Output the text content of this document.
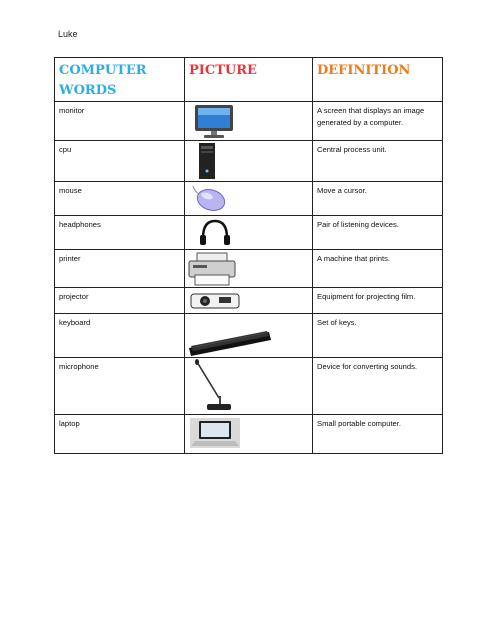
Luke
COMPUTER WORDS	PICTURE	DEFINITION

monitor		A screen that displays an image generated by a computer.

cpu		Central process unit.

mouse		Move a cursor.

headphones		Pair of listening devices.

printer		A machine that prints.

projector		Equipment for projecting film.

keyboard		Set of keys.

microphone		Device for converting sounds.

laptop		Small portable computer.
